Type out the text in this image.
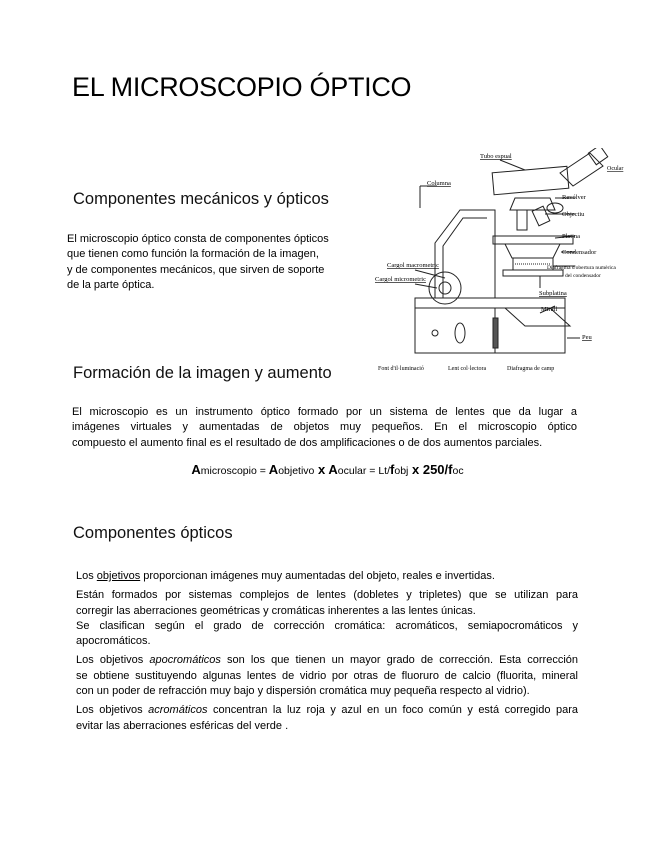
EL MICROSCOPIO ÓPTICO
Componentes mecánicos y ópticos
El microscopio óptico consta de componentes ópticos
que tienen como función la formación de la imagen,
y de componentes mecánicos, que sirven de soporte
de la parte óptica.
Tubo espual
Ocular
Columna
Revólver
Objectiu
Platina
Condensador
Diafragma d'obertura numèrica
del condensador
Cargol macrometric
Cargol micrometric
Subplatina
Mirall
Peu
Font d'il·luminació	Lent col·lectora	Diafragma de camp
Formación de la imagen y aumento
El microscopio es un instrumento óptico formado por un sistema de lentes que da lugar a
imágenes virtuales y aumentadas de objetos muy pequeños. En el microscopio óptico
compuesto el aumento final es el resultado de dos amplificaciones o de dos aumentos parciales.
Amicroscopio = Aobjetivo x Aocular = Lt/fobj x 250/foc
Componentes ópticos
Los objetivos proporcionan imágenes muy aumentadas del objeto, reales e invertidas.
Están formados por sistemas complejos de lentes (dobletes y tripletes) que se utilizan para
corregir las aberraciones geométricas y cromáticas inherentes a las lentes únicas.
Se clasifican según el grado de corrección cromática: acromáticos, semiapocromáticos y
apocromáticos.
Los objetivos apocromáticos son los que tienen un mayor grado de corrección. Esta corrección
se obtiene sustituyendo algunas lentes de vidrio por otras de fluoruro de calcio (fluorita, mineral
con un poder de refracción muy bajo y dispersión cromática muy pequeña respecto al vidrio).
Los objetivos acromáticos concentran la luz roja y azul en un foco común y está corregido para
evitar las aberraciones esféricas del verde .
